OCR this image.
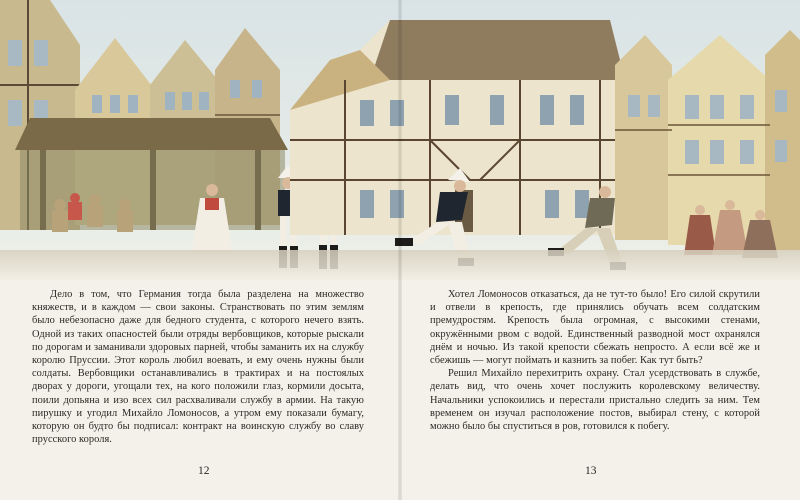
Дело в том, что Германия тогда была разделена на множество княжеств, и в каждом — свои законы. Странствовать по этим землям было небезопасно даже для бедного студента, с которого нечего взять. Одной из таких опасностей были отряды вербовщиков, которые рыскали по дорогам и заманивали здоровых парней, чтобы заманить их на службу королю Пруссии. Этот король любил воевать, и ему очень нужны были солдаты. Вербовщики останавливались в трактирах и на постоялых дворах у дороги, угощали тех, на кого положили глаз, кормили досыта, поили допьяна и изо всех сил расхваливали службу в армии. На такую пирушку и угодил Михайло Ломоносов, а утром ему показали бумагу, которую он будто бы подписал: контракт на воинскую службу во славу прусского короля.

12

Хотел Ломоносов отказаться, да не тут-то было! Его силой скрутили и отвели в крепость, где принялись обучать всем солдатским премудростям. Крепость была огромная, с высокими стенами, окружёнными рвом с водой. Единственный разводной мост охранялся днём и ночью. Из такой крепости сбежать непросто. А если всё же и сбежишь — могут поймать и казнить за побег. Как тут быть?

Решил Михайло перехитрить охрану. Стал усердствовать в службе, делать вид, что очень хочет послужить королевскому величеству. Начальники успокоились и перестали пристально следить за ним. Тем временем он изучал расположение постов, выбирал стену, с которой можно было бы спуститься в ров, готовился к побегу.

13
